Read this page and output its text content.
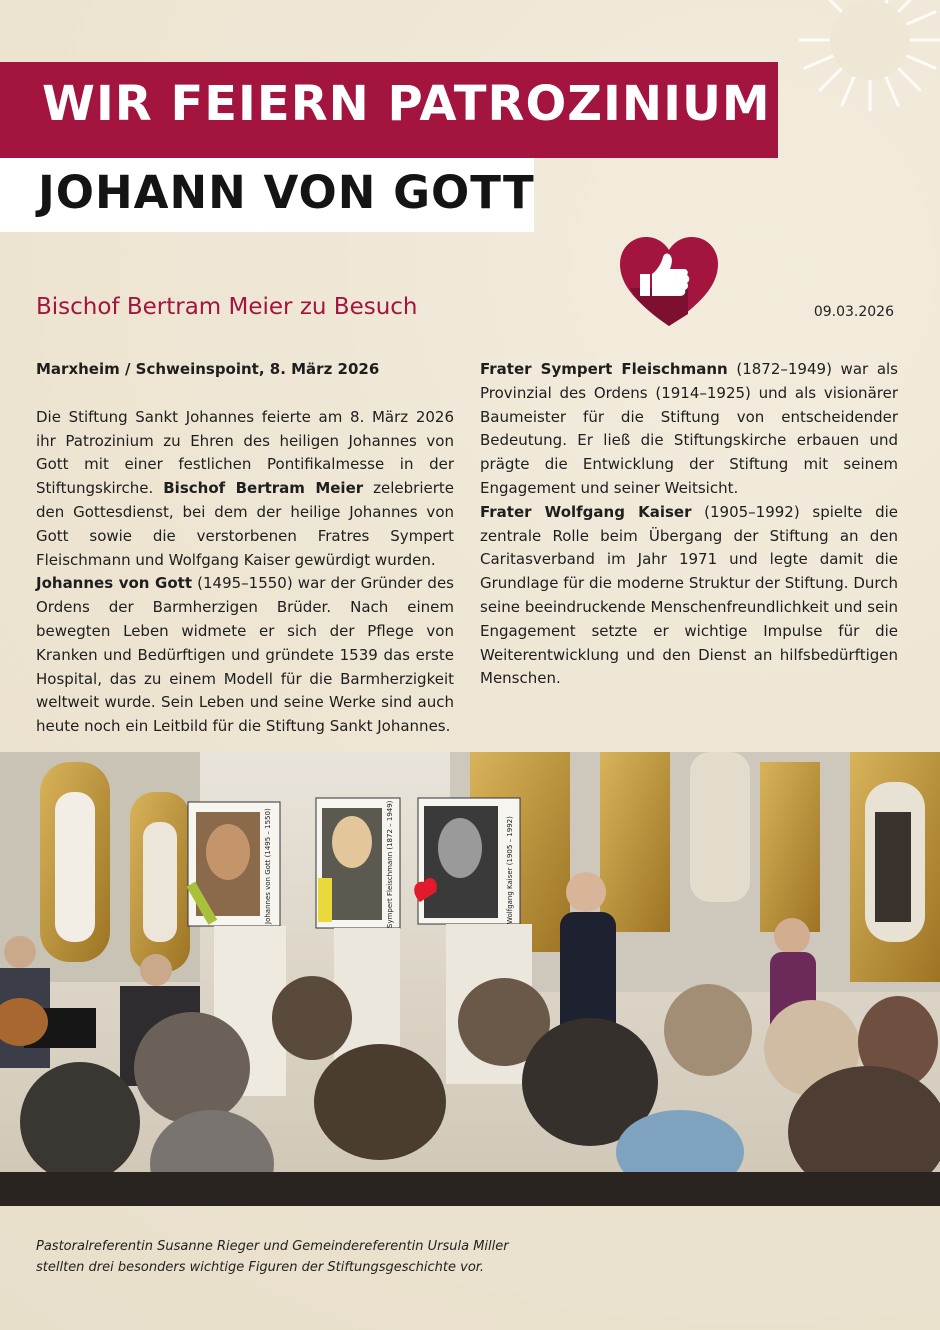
WIR FEIERN PATROZINIUM
JOHANN VON GOTT
Bischof Bertram Meier zu Besuch	09.03.2026

Marxheim / Schweinspoint, 8. März 2026

Die Stiftung Sankt Johannes feierte am 8. März 2026 ihr Patrozinium zu Ehren des heiligen Johannes von Gott mit einer festlichen Pontifikalmesse in der Stiftungskirche. Bischof Bertram Meier zelebrierte den Gottesdienst, bei dem der heilige Johannes von Gott sowie die verstorbenen Fratres Sympert Fleischmann und Wolfgang Kaiser gewürdigt wurden.

Johannes von Gott (1495–1550) war der Gründer des Ordens der Barmherzigen Brüder. Nach einem bewegten Leben widmete er sich der Pflege von Kranken und Bedürftigen und gründete 1539 das erste Hospital, das zu einem Modell für die Barmherzigkeit weltweit wurde. Sein Leben und seine Werke sind auch heute noch ein Leitbild für die Stiftung Sankt Johannes.

Frater Sympert Fleischmann (1872–1949) war als Provinzial des Ordens (1914–1925) und als visionärer Baumeister für die Stiftung von entscheidender Bedeutung. Er ließ die Stiftungskirche erbauen und prägte die Entwicklung der Stiftung mit seinem Engagement und seiner Weitsicht.

Frater Wolfgang Kaiser (1905–1992) spielte die zentrale Rolle beim Übergang der Stiftung an den Caritasverband im Jahr 1971 und legte damit die Grundlage für die moderne Struktur der Stiftung. Durch seine beeindruckende Menschenfreundlichkeit und sein Engagement setzte er wichtige Impulse für die Weiterentwicklung und den Dienst an hilfsbedürftigen Menschen.

Johannes von Gott (1495 – 1550)	Sympert Fleischmann (1872 – 1949)	Wolfgang Kaiser (1905 – 1992)
Pastoralreferentin Susanne Rieger und Gemeindereferentin Ursula Miller
stellten drei besonders wichtige Figuren der Stiftungsgeschichte vor.
